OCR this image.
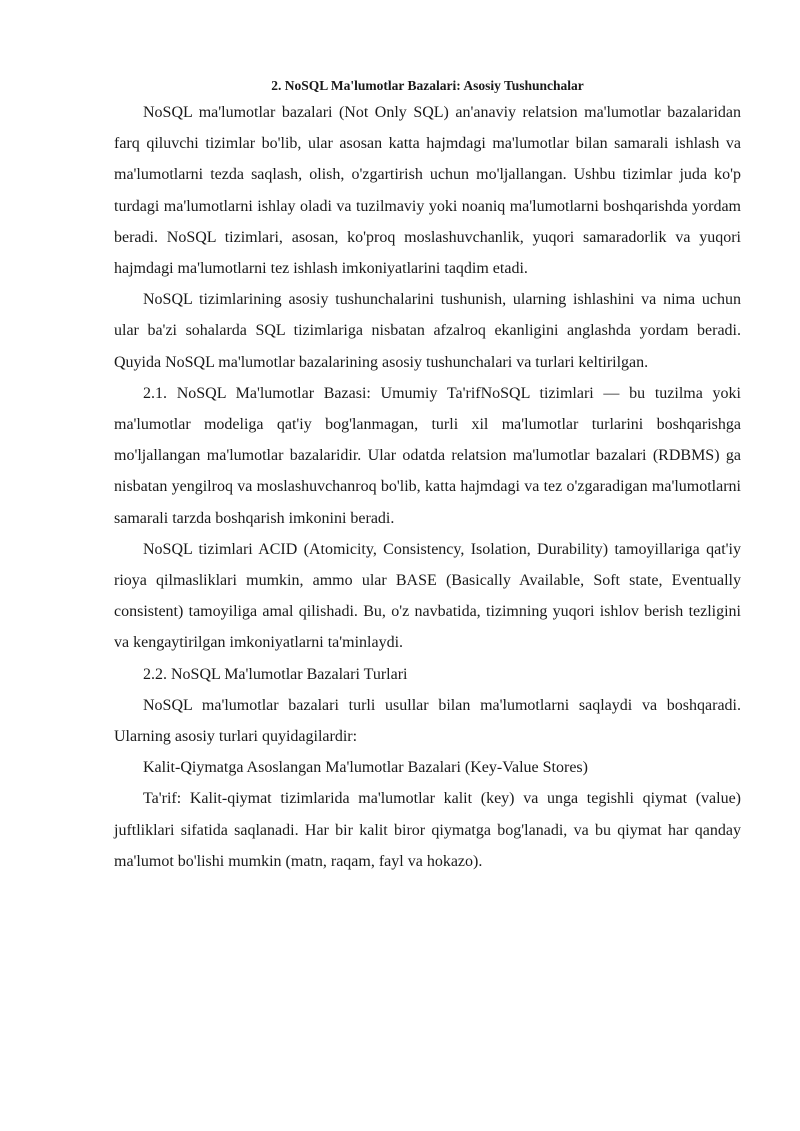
2. NoSQL Ma'lumotlar Bazalari: Asosiy Tushunchalar

NoSQL ma'lumotlar bazalari (Not Only SQL) an'anaviy relatsion ma'lumotlar bazalaridan farq qiluvchi tizimlar bo'lib, ular asosan katta hajmdagi ma'lumotlar bilan samarali ishlash va ma'lumotlarni tezda saqlash, olish, o'zgartirish uchun mo'ljallangan. Ushbu tizimlar juda ko'p turdagi ma'lumotlarni ishlay oladi va tuzilmaviy yoki noaniq ma'lumotlarni boshqarishda yordam beradi. NoSQL tizimlari, asosan, ko'proq moslashuvchanlik, yuqori samaradorlik va yuqori hajmdagi ma'lumotlarni tez ishlash imkoniyatlarini taqdim etadi.

NoSQL tizimlarining asosiy tushunchalarini tushunish, ularning ishlashini va nima uchun ular ba'zi sohalarda SQL tizimlariga nisbatan afzalroq ekanligini anglashda yordam beradi. Quyida NoSQL ma'lumotlar bazalarining asosiy tushunchalari va turlari keltirilgan.

2.1. NoSQL Ma'lumotlar Bazasi: Umumiy Ta'rifNoSQL tizimlari — bu tuzilma yoki ma'lumotlar modeliga qat'iy bog'lanmagan, turli xil ma'lumotlar turlarini boshqarishga mo'ljallangan ma'lumotlar bazalaridir. Ular odatda relatsion ma'lumotlar bazalari (RDBMS) ga nisbatan yengilroq va moslashuvchanroq bo'lib, katta hajmdagi va tez o'zgaradigan ma'lumotlarni samarali tarzda boshqarish imkonini beradi.

NoSQL tizimlari ACID (Atomicity, Consistency, Isolation, Durability) tamoyillariga qat'iy rioya qilmasliklari mumkin, ammo ular BASE (Basically Available, Soft state, Eventually consistent) tamoyiliga amal qilishadi. Bu, o'z navbatida, tizimning yuqori ishlov berish tezligini va kengaytirilgan imkoniyatlarni ta'minlaydi.

2.2. NoSQL Ma'lumotlar Bazalari Turlari

NoSQL ma'lumotlar bazalari turli usullar bilan ma'lumotlarni saqlaydi va boshqaradi. Ularning asosiy turlari quyidagilardir:

Kalit-Qiymatga Asoslangan Ma'lumotlar Bazalari (Key-Value Stores)

Ta'rif: Kalit-qiymat tizimlarida ma'lumotlar kalit (key) va unga tegishli qiymat (value) juftliklari sifatida saqlanadi. Har bir kalit biror qiymatga bog'lanadi, va bu qiymat har qanday ma'lumot bo'lishi mumkin (matn, raqam, fayl va hokazo).
